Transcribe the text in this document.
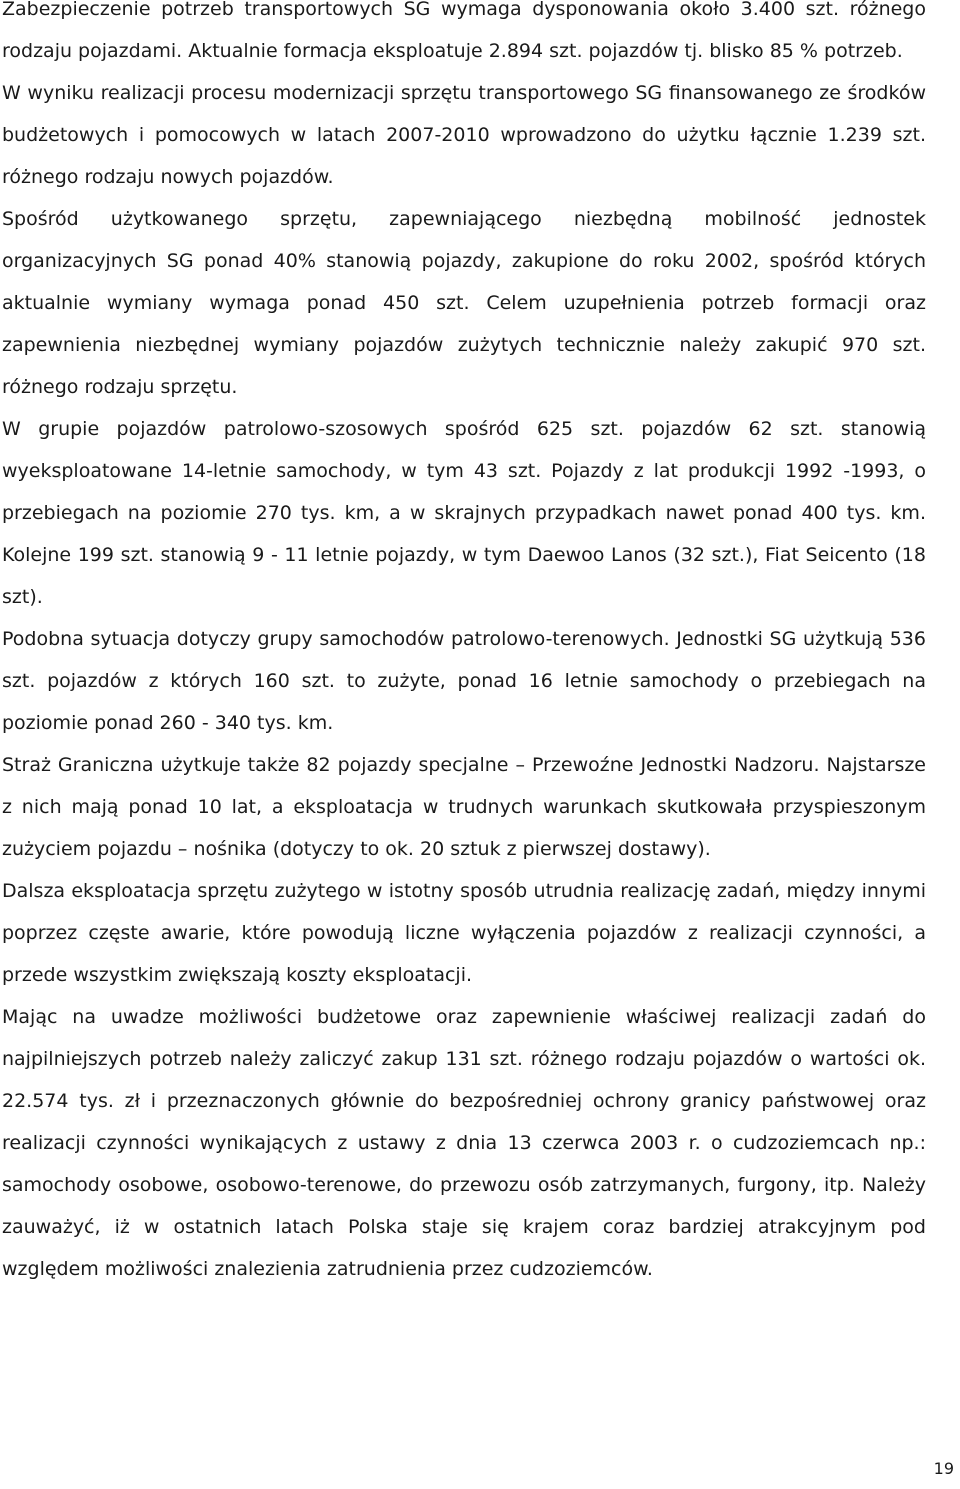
Zabezpieczenie potrzeb transportowych SG wymaga dysponowania około 3.400 szt. różnego rodzaju pojazdami. Aktualnie formacja eksploatuje 2.894 szt. pojazdów tj. blisko 85 % potrzeb.

W wyniku realizacji procesu modernizacji sprzętu transportowego SG finansowanego ze środków budżetowych i pomocowych w latach 2007-2010 wprowadzono do użytku łącznie 1.239 szt. różnego rodzaju nowych pojazdów.

Spośród użytkowanego sprzętu, zapewniającego niezbędną mobilność jednostek organizacyjnych SG ponad 40% stanowią pojazdy, zakupione do roku 2002, spośród których aktualnie wymiany wymaga ponad 450 szt. Celem uzupełnienia potrzeb formacji oraz zapewnienia niezbędnej wymiany pojazdów zużytych technicznie należy zakupić 970 szt. różnego rodzaju sprzętu.

W grupie pojazdów patrolowo-szosowych spośród 625 szt. pojazdów 62 szt. stanowią wyeksploatowane 14-letnie samochody, w tym 43 szt. Pojazdy z lat produkcji 1992 -1993, o przebiegach na poziomie 270 tys. km, a w skrajnych przypadkach nawet ponad 400 tys. km. Kolejne 199 szt. stanowią 9 - 11 letnie pojazdy, w tym Daewoo Lanos (32 szt.), Fiat Seicento (18 szt).

Podobna sytuacja dotyczy grupy samochodów patrolowo-terenowych. Jednostki SG użytkują 536 szt. pojazdów z których 160 szt. to zużyte, ponad 16 letnie samochody o przebiegach na poziomie ponad 260 - 340 tys. km.

Straż Graniczna użytkuje także 82 pojazdy specjalne – Przewoźne Jednostki Nadzoru. Najstarsze z nich mają ponad 10 lat, a eksploatacja w trudnych warunkach skutkowała przyspieszonym zużyciem pojazdu – nośnika (dotyczy to ok. 20 sztuk z pierwszej dostawy).

Dalsza eksploatacja sprzętu zużytego w istotny sposób utrudnia realizację zadań, między innymi poprzez częste awarie, które powodują liczne wyłączenia pojazdów z realizacji czynności, a przede wszystkim zwiększają koszty eksploatacji.

Mając na uwadze możliwości budżetowe oraz zapewnienie właściwej realizacji zadań do najpilniejszych potrzeb należy zaliczyć zakup 131 szt. różnego rodzaju pojazdów o wartości ok. 22.574 tys. zł i przeznaczonych głównie do bezpośredniej ochrony granicy państwowej oraz realizacji czynności wynikających z ustawy z dnia 13 czerwca 2003 r. o cudzoziemcach np.: samochody osobowe, osobowo-terenowe, do przewozu osób zatrzymanych, furgony, itp. Należy zauważyć, iż w ostatnich latach Polska staje się krajem coraz bardziej atrakcyjnym pod względem możliwości znalezienia zatrudnienia przez cudzoziemców.

19
